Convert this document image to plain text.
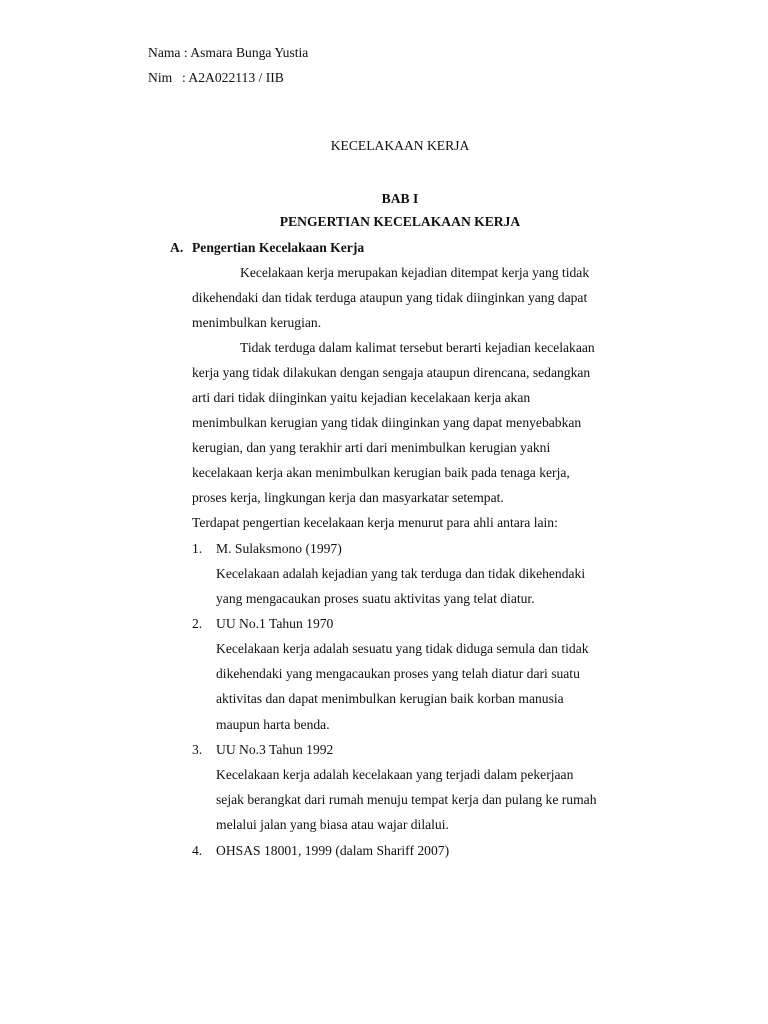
Nama : Asmara Bunga Yustia
Nim : A2A022113 / IIB
KECELAKAAN KERJA
BAB I
PENGERTIAN KECELAKAAN KERJA
A. Pengertian Kecelakaan Kerja
Kecelakaan kerja merupakan kejadian ditempat kerja yang tidak
dikehendaki dan tidak terduga ataupun yang tidak diinginkan yang dapat
menimbulkan kerugian.
Tidak terduga dalam kalimat tersebut berarti kejadian kecelakaan
kerja yang tidak dilakukan dengan sengaja ataupun direncana, sedangkan
arti dari tidak diinginkan yaitu kejadian kecelakaan kerja akan
menimbulkan kerugian yang tidak diinginkan yang dapat menyebabkan
kerugian, dan yang terakhir arti dari menimbulkan kerugian yakni
kecelakaan kerja akan menimbulkan kerugian baik pada tenaga kerja,
proses kerja, lingkungan kerja dan masyarkatar setempat.
Terdapat pengertian kecelakaan kerja menurut para ahli antara lain:
1. M. Sulaksmono (1997)
Kecelakaan adalah kejadian yang tak terduga dan tidak dikehendaki
yang mengacaukan proses suatu aktivitas yang telat diatur.
2. UU No.1 Tahun 1970
Kecelakaan kerja adalah sesuatu yang tidak diduga semula dan tidak
dikehendaki yang mengacaukan proses yang telah diatur dari suatu
aktivitas dan dapat menimbulkan kerugian baik korban manusia
maupun harta benda.
3. UU No.3 Tahun 1992
Kecelakaan kerja adalah kecelakaan yang terjadi dalam pekerjaan
sejak berangkat dari rumah menuju tempat kerja dan pulang ke rumah
melalui jalan yang biasa atau wajar dilalui.
4. OHSAS 18001, 1999 (dalam Shariff 2007)
